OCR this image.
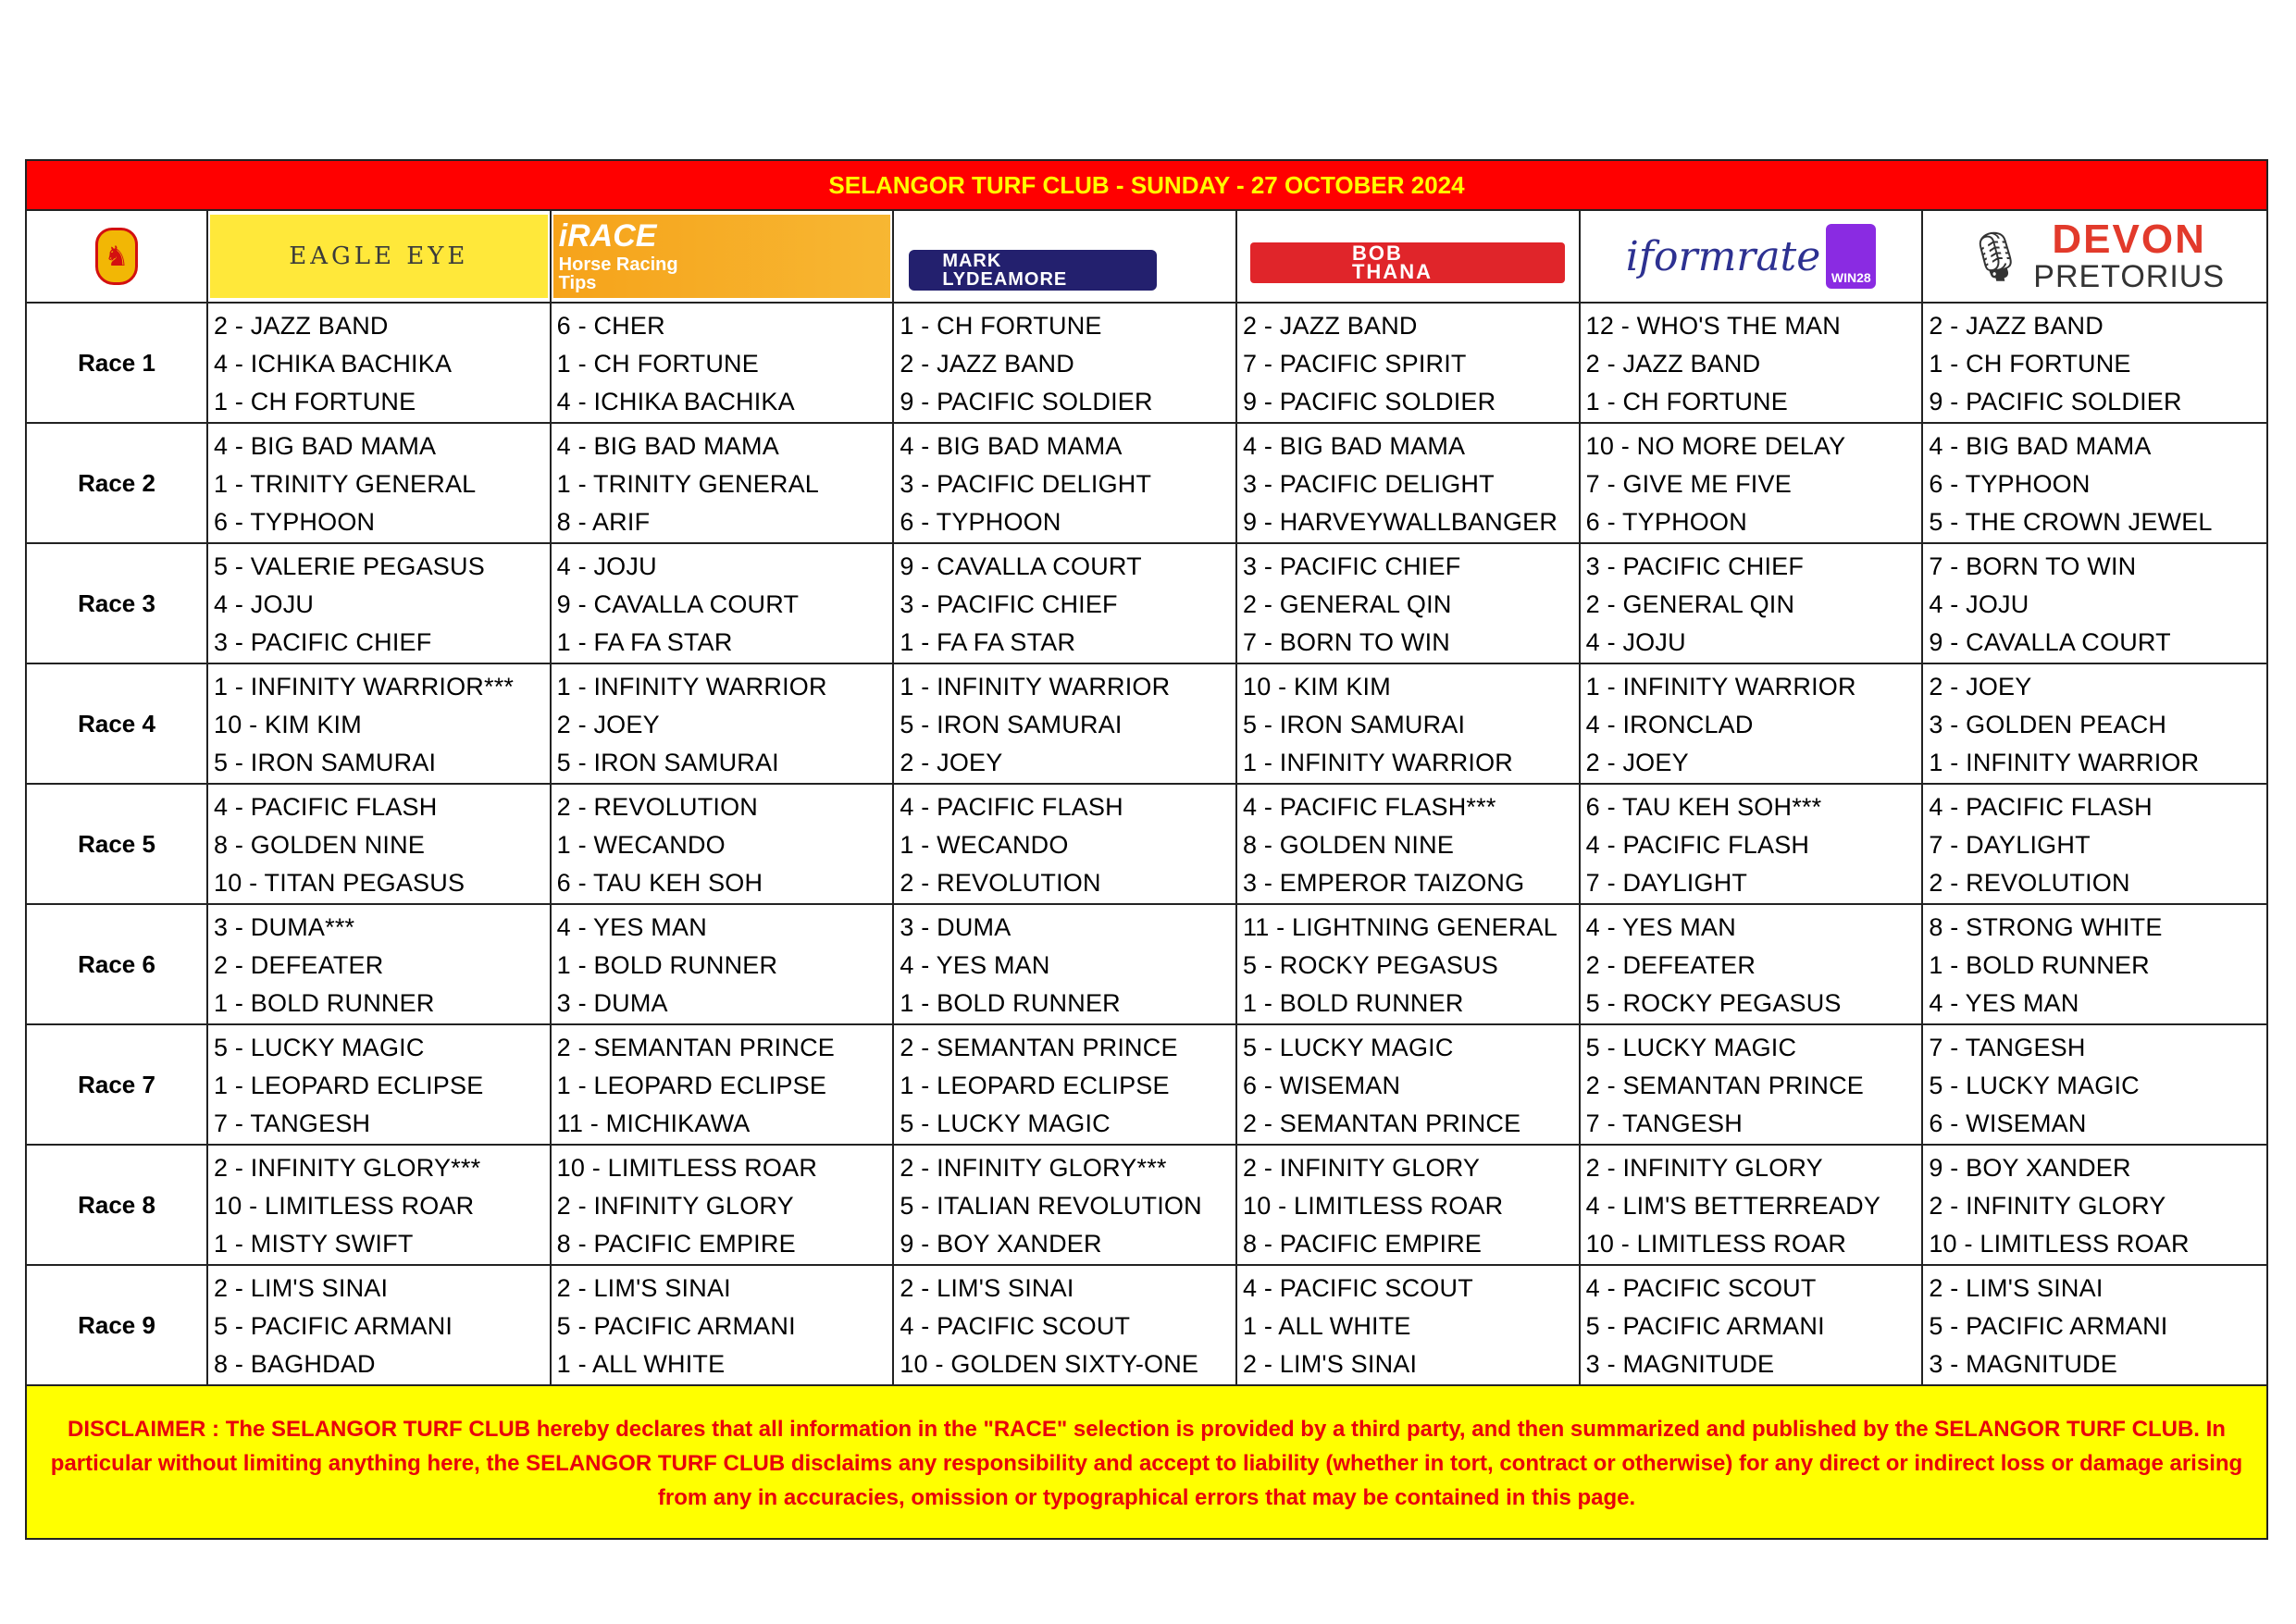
SELANGOR TURF CLUB - SUNDAY - 27 OCTOBER 2024
♞	EAGLE EYE
iRACE
Horse Racing
Tips
MARK
LYDEAMORE
BOB
THANA	iformrate WIN28 🎙 DEVON
PRETORIUS
Race 1
2 - JAZZ BAND
4 - ICHIKA BACHIKA
1 - CH FORTUNE
6 - CHER
1 - CH FORTUNE
4 - ICHIKA BACHIKA
1 - CH FORTUNE
2 - JAZZ BAND
9 - PACIFIC SOLDIER
2 - JAZZ BAND
7 - PACIFIC SPIRIT
9 - PACIFIC SOLDIER
12 - WHO'S THE MAN
2 - JAZZ BAND
1 - CH FORTUNE
2 - JAZZ BAND
1 - CH FORTUNE
9 - PACIFIC SOLDIER
Race 2
4 - BIG BAD MAMA
1 - TRINITY GENERAL
6 - TYPHOON
4 - BIG BAD MAMA
1 - TRINITY GENERAL
8 - ARIF
4 - BIG BAD MAMA
3 - PACIFIC DELIGHT
6 - TYPHOON
4 - BIG BAD MAMA
3 - PACIFIC DELIGHT
9 - HARVEYWALLBANGER
10 - NO MORE DELAY
7 - GIVE ME FIVE
6 - TYPHOON
4 - BIG BAD MAMA
6 - TYPHOON
5 - THE CROWN JEWEL
Race 3
5 - VALERIE PEGASUS
4 - JOJU
3 - PACIFIC CHIEF
4 - JOJU
9 - CAVALLA COURT
1 - FA FA STAR
9 - CAVALLA COURT
3 - PACIFIC CHIEF
1 - FA FA STAR
3 - PACIFIC CHIEF
2 - GENERAL QIN
7 - BORN TO WIN
3 - PACIFIC CHIEF
2 - GENERAL QIN
4 - JOJU
7 - BORN TO WIN
4 - JOJU
9 - CAVALLA COURT
Race 4
1 - INFINITY WARRIOR***
10 - KIM KIM
5 - IRON SAMURAI
1 - INFINITY WARRIOR
2 - JOEY
5 - IRON SAMURAI
1 - INFINITY WARRIOR
5 - IRON SAMURAI
2 - JOEY
10 - KIM KIM
5 - IRON SAMURAI
1 - INFINITY WARRIOR
1 - INFINITY WARRIOR
4 - IRONCLAD
2 - JOEY
2 - JOEY
3 - GOLDEN PEACH
1 - INFINITY WARRIOR
Race 5
4 - PACIFIC FLASH
8 - GOLDEN NINE
10 - TITAN PEGASUS
2 - REVOLUTION
1 - WECANDO
6 - TAU KEH SOH
4 - PACIFIC FLASH
1 - WECANDO
2 - REVOLUTION
4 - PACIFIC FLASH***
8 - GOLDEN NINE
3 - EMPEROR TAIZONG
6 - TAU KEH SOH***
4 - PACIFIC FLASH
7 - DAYLIGHT
4 - PACIFIC FLASH
7 - DAYLIGHT
2 - REVOLUTION
Race 6
3 - DUMA***
2 - DEFEATER
1 - BOLD RUNNER
4 - YES MAN
1 - BOLD RUNNER
3 - DUMA
3 - DUMA
4 - YES MAN
1 - BOLD RUNNER
11 - LIGHTNING GENERAL
5 - ROCKY PEGASUS
1 - BOLD RUNNER
4 - YES MAN
2 - DEFEATER
5 - ROCKY PEGASUS
8 - STRONG WHITE
1 - BOLD RUNNER
4 - YES MAN
Race 7
5 - LUCKY MAGIC
1 - LEOPARD ECLIPSE
7 - TANGESH
2 - SEMANTAN PRINCE
1 - LEOPARD ECLIPSE
11 - MICHIKAWA
2 - SEMANTAN PRINCE
1 - LEOPARD ECLIPSE
5 - LUCKY MAGIC
5 - LUCKY MAGIC
6 - WISEMAN
2 - SEMANTAN PRINCE
5 - LUCKY MAGIC
2 - SEMANTAN PRINCE
7 - TANGESH
7 - TANGESH
5 - LUCKY MAGIC
6 - WISEMAN
Race 8
2 - INFINITY GLORY***
10 - LIMITLESS ROAR
1 - MISTY SWIFT
10 - LIMITLESS ROAR
2 - INFINITY GLORY
8 - PACIFIC EMPIRE
2 - INFINITY GLORY***
5 - ITALIAN REVOLUTION
9 - BOY XANDER
2 - INFINITY GLORY
10 - LIMITLESS ROAR
8 - PACIFIC EMPIRE
2 - INFINITY GLORY
4 - LIM'S BETTERREADY
10 - LIMITLESS ROAR
9 - BOY XANDER
2 - INFINITY GLORY
10 - LIMITLESS ROAR
Race 9
2 - LIM'S SINAI
5 - PACIFIC ARMANI
8 - BAGHDAD
2 - LIM'S SINAI
5 - PACIFIC ARMANI
1 - ALL WHITE
2 - LIM'S SINAI
4 - PACIFIC SCOUT
10 - GOLDEN SIXTY-ONE
4 - PACIFIC SCOUT
1 - ALL WHITE
2 - LIM'S SINAI
4 - PACIFIC SCOUT
5 - PACIFIC ARMANI
3 - MAGNITUDE
2 - LIM'S SINAI
5 - PACIFIC ARMANI
3 - MAGNITUDE
DISCLAIMER : The SELANGOR TURF CLUB hereby declares that all information in the "RACE" selection is provided by a third party, and then summarized and published by the SELANGOR TURF CLUB. In particular without limiting anything here, the SELANGOR TURF CLUB disclaims any responsibility and accept to liability (whether in tort, contract or otherwise) for any direct or indirect loss or damage arising from any in accuracies, omission or typographical errors that may be contained in this page.
